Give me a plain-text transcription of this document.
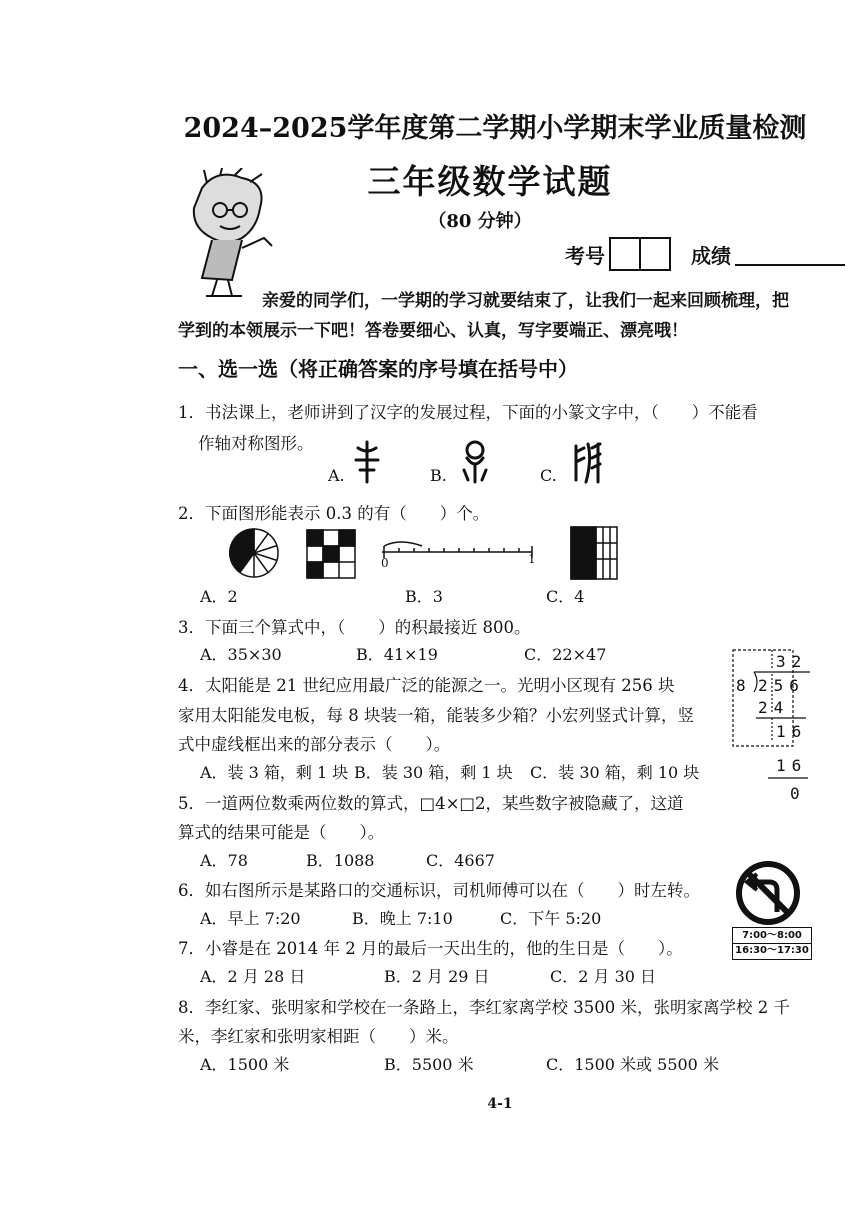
2024–2025学年度第二学期小学期末学业质量检测
三年级数学试题
（80 分钟）
考号	成绩
亲爱的同学们，一学期的学习就要结束了，让我们一起来回顾梳理，把
学到的本领展示一下吧！答卷要细心、认真，写字要端正、漂亮哦！
一、选一选（将正确答案的序号填在括号中）
1．书法课上，老师讲到了汉字的发展过程，下面的小篆文字中，（　　）不能看
作轴对称图形。
A.	B.	C.
2．下面图形能表示 0.3 的有（　　）个。
0	1
A．2	B．3	C．4
3．下面三个算式中，（　　）的积最接近 800。
A．35×30	B．41×19	C．22×47
4．太阳能是 21 世纪应用最广泛的能源之一。光明小区现有 256 块
家用太阳能发电板，每 8 块装一箱，能装多少箱？小宏列竖式计算，竖
式中虚线框出来的部分表示（　　）。
A．装 3 箱，剩 1 块 B．装 30 箱，剩 1 块 C．装 30 箱，剩 10 块
32
8 256
24
16
16
0
5．一道两位数乘两位数的算式，□4×□2，某些数字被隐藏了，这道
算式的结果可能是（　　）。
A．78	B．1088	C．4667
6．如右图所示是某路口的交通标识，司机师傅可以在（　　）时左转。
A．早上 7:20	B．晚上 7:10	C．下午 5:20
7:00～8:00
16:30～17:30
7．小睿是在 2014 年 2 月的最后一天出生的，他的生日是（　　）。
A．2 月 28 日	B．2 月 29 日	C．2 月 30 日
8．李红家、张明家和学校在一条路上，李红家离学校 3500 米，张明家离学校 2 千
米，李红家和张明家相距（　　）米。
A．1500 米	B．5500 米	C．1500 米或 5500 米
4-1
